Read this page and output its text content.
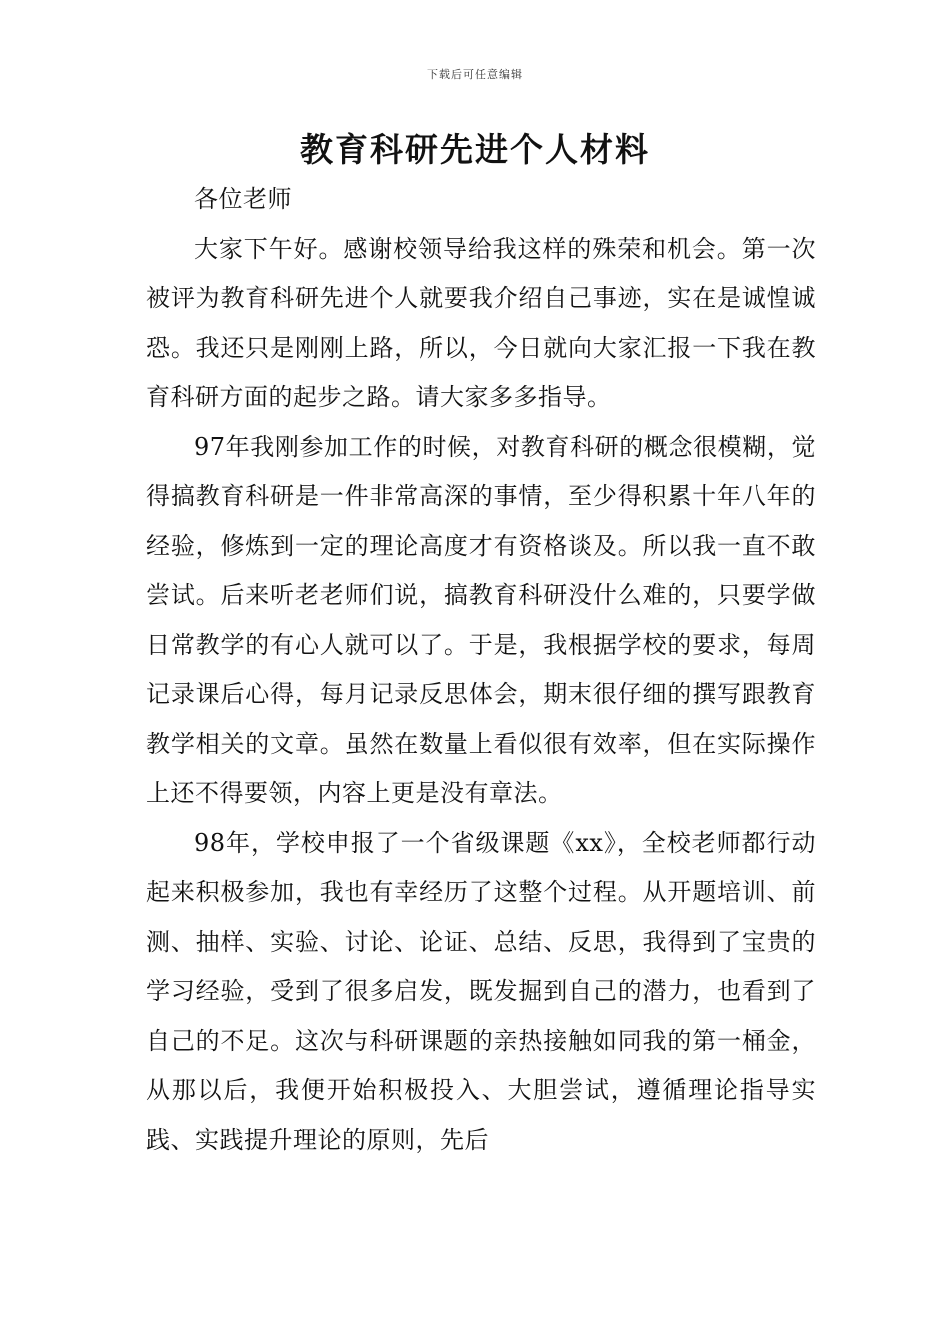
下载后可任意编辑
教育科研先进个人材料

各位老师

大家下午好。感谢校领导给我这样的殊荣和机会。第一次被评为教育科研先进个人就要我介绍自己事迹，实在是诚惶诚恐。我还只是刚刚上路，所以，今日就向大家汇报一下我在教育科研方面的起步之路。请大家多多指导。

97年我刚参加工作的时候，对教育科研的概念很模糊，觉得搞教育科研是一件非常高深的事情，至少得积累十年八年的经验，修炼到一定的理论高度才有资格谈及。所以我一直不敢尝试。后来听老老师们说，搞教育科研没什么难的，只要学做日常教学的有心人就可以了。于是，我根据学校的要求，每周记录课后心得，每月记录反思体会，期末很仔细的撰写跟教育教学相关的文章。虽然在数量上看似很有效率，但在实际操作上还不得要领，内容上更是没有章法。

98年，学校申报了一个省级课题《xx》，全校老师都行动起来积极参加，我也有幸经历了这整个过程。从开题培训、前测、抽样、实验、讨论、论证、总结、反思，我得到了宝贵的学习经验，受到了很多启发，既发掘到自己的潜力，也看到了自己的不足。这次与科研课题的亲热接触如同我的第一桶金，从那以后，我便开始积极投入、大胆尝试，遵循理论指导实践、实践提升理论的原则，先后
